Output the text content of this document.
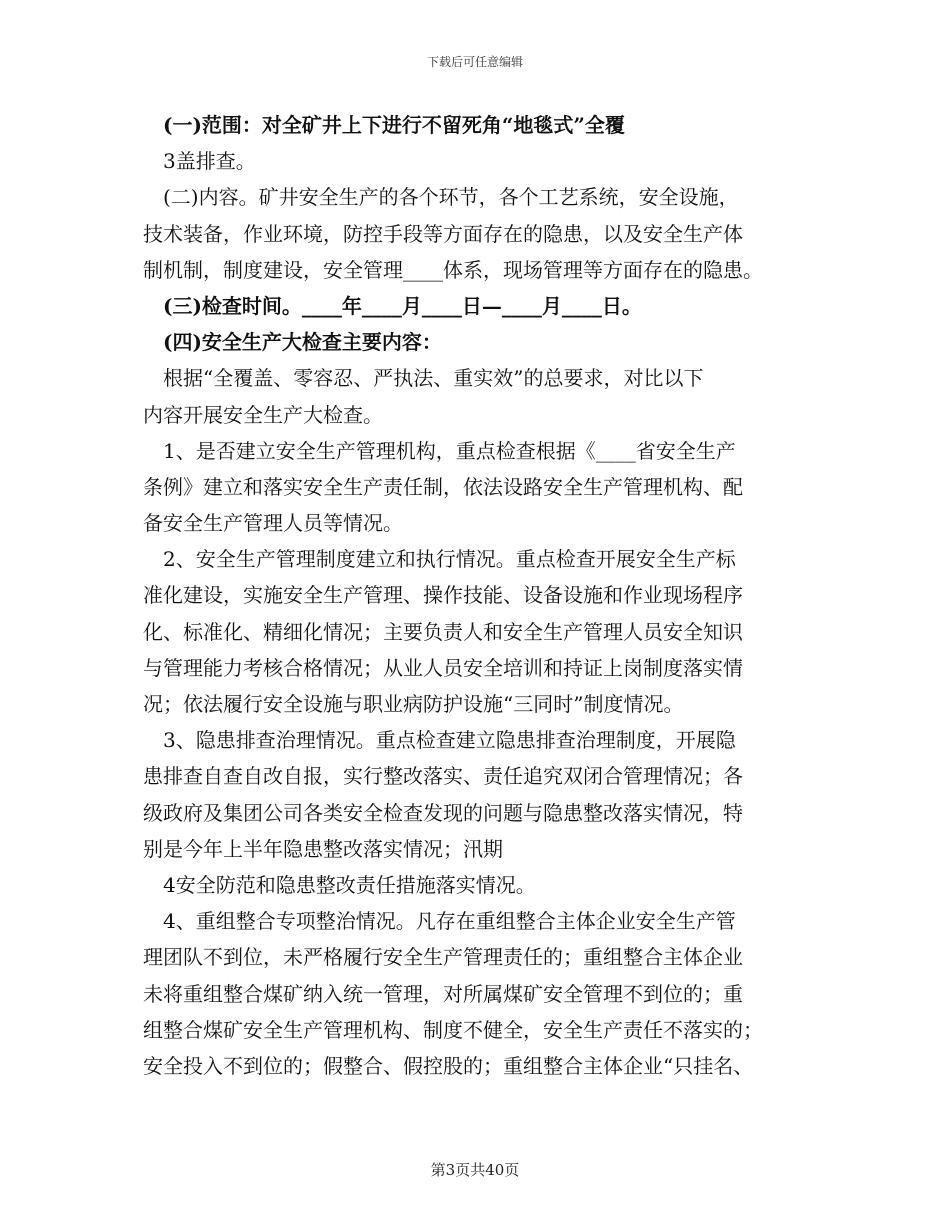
下载后可任意编辑
　(一)范围：对全矿井上下进行不留死角“地毯式”全覆
　3盖排查。
　(二)内容。矿井安全生产的各个环节，各个工艺系统，安全设施，
技术装备，作业环境，防控手段等方面存在的隐患，以及安全生产体
制机制，制度建设，安全管理____体系，现场管理等方面存在的隐患。
　(三)检查时间。____年____月____日—____月____日。
　(四)安全生产大检查主要内容：
　根据“全覆盖、零容忍、严执法、重实效”的总要求，对比以下
内容开展安全生产大检查。
　1、是否建立安全生产管理机构，重点检查根据《____省安全生产
条例》建立和落实安全生产责任制，依法设路安全生产管理机构、配
备安全生产管理人员等情况。
　2、安全生产管理制度建立和执行情况。重点检查开展安全生产标
准化建设，实施安全生产管理、操作技能、设备设施和作业现场程序
化、标准化、精细化情况；主要负责人和安全生产管理人员安全知识
与管理能力考核合格情况；从业人员安全培训和持证上岗制度落实情
况；依法履行安全设施与职业病防护设施“三同时”制度情况。
　3、隐患排查治理情况。重点检查建立隐患排查治理制度，开展隐
患排查自查自改自报，实行整改落实、责任追究双闭合管理情况；各
级政府及集团公司各类安全检查发现的问题与隐患整改落实情况，特
别是今年上半年隐患整改落实情况；汛期
　4安全防范和隐患整改责任措施落实情况。
　4、重组整合专项整治情况。凡存在重组整合主体企业安全生产管
理团队不到位，未严格履行安全生产管理责任的；重组整合主体企业
未将重组整合煤矿纳入统一管理，对所属煤矿安全管理不到位的；重
组整合煤矿安全生产管理机构、制度不健全，安全生产责任不落实的；
安全投入不到位的；假整合、假控股的；重组整合主体企业“只挂名、
第3页共40页
